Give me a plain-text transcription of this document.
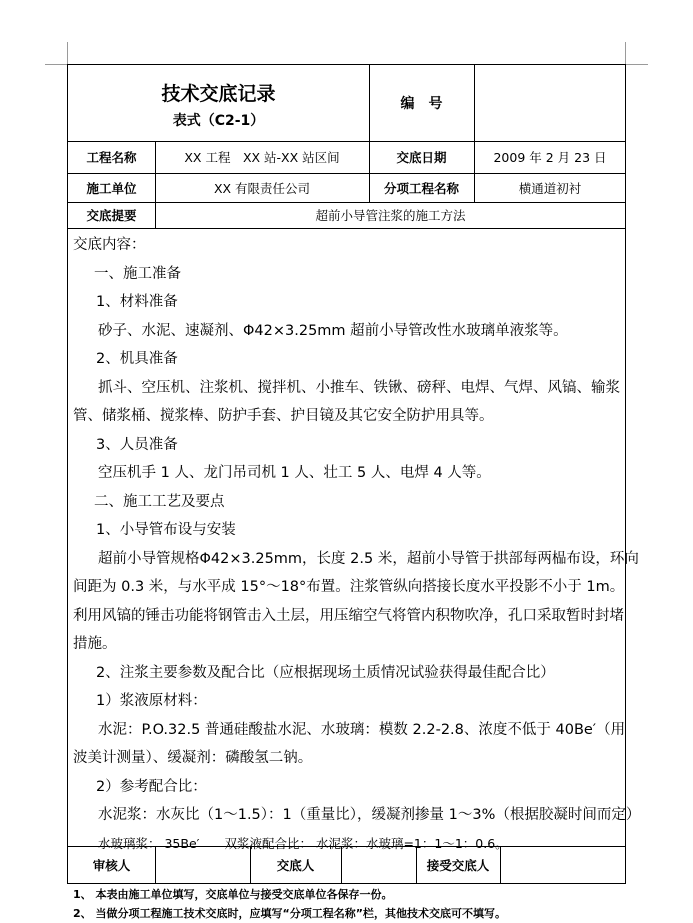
技术交底记录
表式（C2-1）
编　号
工程名称	XX 工程　XX 站-XX 站区间	交底日期	2009 年 2 月 23 日
施工单位	XX 有限责任公司	分项工程名称	横通道初衬
交底提要	超前小导管注浆的施工方法

交底内容：

一、施工准备

1、材料准备

砂子、水泥、速凝剂、Φ42×3.25mm 超前小导管改性水玻璃单液浆等。

2、机具准备

抓斗、空压机、注浆机、搅拌机、小推车、铁锹、磅秤、电焊、气焊、风镐、输浆

管、储浆桶、搅浆棒、防护手套、护目镜及其它安全防护用具等。

3、人员准备

空压机手 1 人、龙门吊司机 1 人、壮工 5 人、电焊 4 人等。

二、施工工艺及要点

1、小导管布设与安装

超前小导管规格Φ42×3.25mm，长度 2.5 米，超前小导管于拱部每两榀布设，环向

间距为 0.3 米，与水平成 15°～18°布置。注浆管纵向搭接长度水平投影不小于 1m。

利用风镐的锤击功能将钢管击入土层，用压缩空气将管内积物吹净，孔口采取暂时封堵

措施。

2、注浆主要参数及配合比（应根据现场土质情况试验获得最佳配合比）

1）浆液原材料：

水泥：P.O.32.5 普通硅酸盐水泥、水玻璃：模数 2.2-2.8、浓度不低于 40Be′（用

波美计测量）、缓凝剂：磷酸氢二钠。

2）参考配合比：

水泥浆：水灰比（1～1.5）：1（重量比），缓凝剂掺量 1～3%（根据胶凝时间而定）

水玻璃浆： 35Be′　　双浆液配合比： 水泥浆：水玻璃=1：1～1：0.6。

审核人	交底人	接受交底人
1、 本表由施工单位填写，交底单位与接受交底单位各保存一份。
2、 当做分项工程施工技术交底时，应填写“分项工程名称”栏，其他技术交底可不填写。
